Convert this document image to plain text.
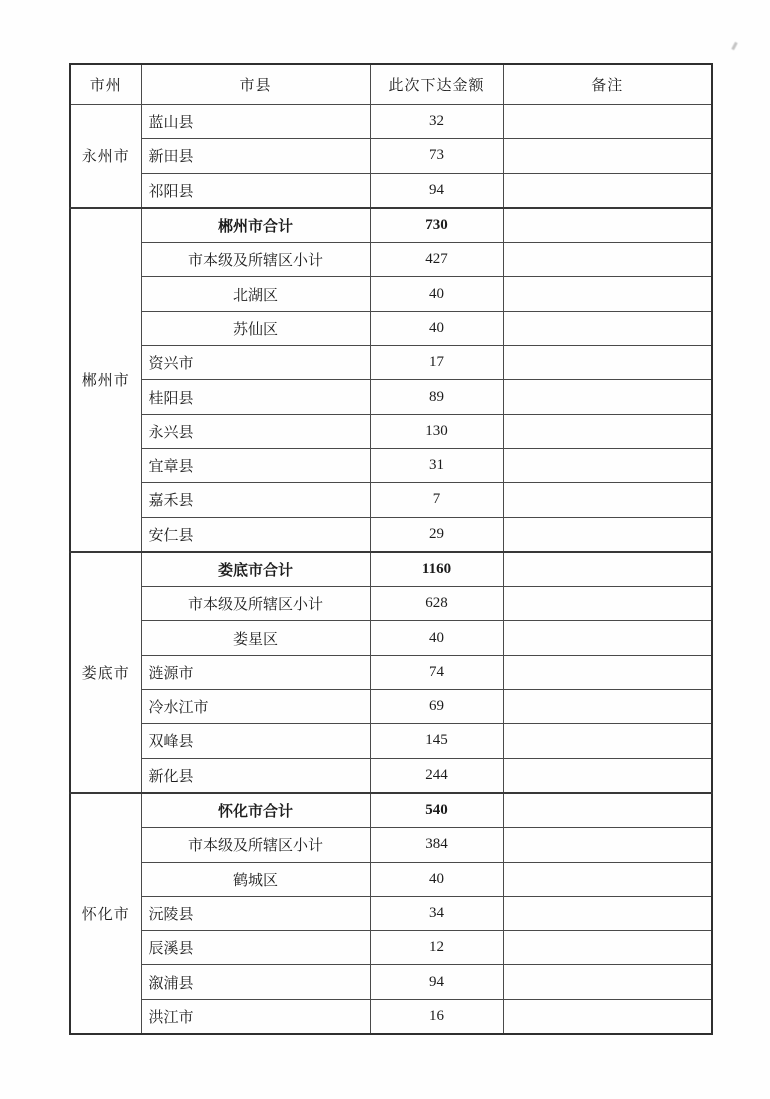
市州	市县	此次下达金额	备注
永州市	蓝山县	32	
	新田县	73	
	祁阳县	94	
郴州市	郴州市合计	730	
	市本级及所辖区小计	427	
	北湖区	40	
	苏仙区	40	
	资兴市	17	
	桂阳县	89	
	永兴县	130	
	宜章县	31	
	嘉禾县	7	
	安仁县	29	
娄底市	娄底市合计	1160	
	市本级及所辖区小计	628	
	娄星区	40	
	涟源市	74	
	冷水江市	69	
	双峰县	145	
	新化县	244	
怀化市	怀化市合计	540	
	市本级及所辖区小计	384	
	鹤城区	40	
	沅陵县	34	
	辰溪县	12	
	溆浦县	94	
	洪江市	16	
